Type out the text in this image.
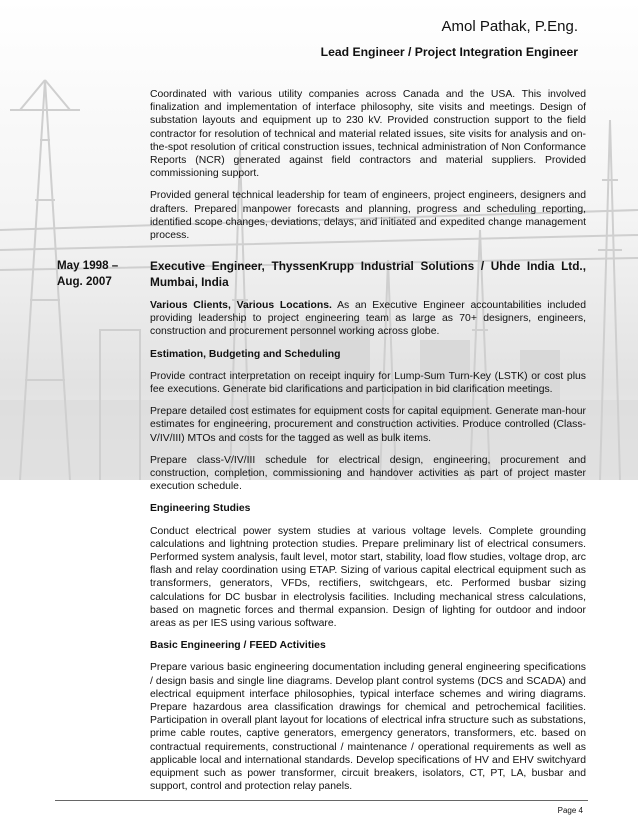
Amol Pathak, P.Eng.
Lead Engineer / Project Integration Engineer

Coordinated with various utility companies across Canada and the USA. This involved finalization and implementation of interface philosophy, site visits and meetings. Design of substation layouts and equipment up to 230 kV. Provided construction support to the field contractor for resolution of technical and material related issues, site visits for analysis and on-the-spot resolution of critical construction issues, technical administration of Non Conformance Reports (NCR) generated against field contractors and material suppliers. Provided commissioning support.

Provided general technical leadership for team of engineers, project engineers, designers and drafters. Prepared manpower forecasts and planning, progress and scheduling reporting, identified scope changes, deviations, delays, and initiated and expedited change management process.

May 1998 –
Aug. 2007
Executive Engineer, ThyssenKrupp Industrial Solutions / Uhde India Ltd., Mumbai, India

Various Clients, Various Locations. As an Executive Engineer accountabilities included providing leadership to project engineering team as large as 70+ designers, engineers, construction and procurement personnel working across globe.

Estimation, Budgeting and Scheduling

Provide contract interpretation on receipt inquiry for Lump-Sum Turn-Key (LSTK) or cost plus fee executions. Generate bid clarifications and participation in bid clarification meetings.

Prepare detailed cost estimates for equipment costs for capital equipment. Generate man-hour estimates for engineering, procurement and construction activities. Produce controlled (Class-V/IV/III) MTOs and costs for the tagged as well as bulk items.

Prepare class-V/IV/III schedule for electrical design, engineering, procurement and construction, completion, commissioning and handover activities as part of project master execution schedule.

Engineering Studies

Conduct electrical power system studies at various voltage levels. Complete grounding calculations and lightning protection studies. Prepare preliminary list of electrical consumers. Performed system analysis, fault level, motor start, stability, load flow studies, voltage drop, arc flash and relay coordination using ETAP. Sizing of various capital electrical equipment such as transformers, generators, VFDs, rectifiers, switchgears, etc. Performed busbar sizing calculations for DC busbar in electrolysis facilities. Including mechanical stress calculations, based on magnetic forces and thermal expansion. Design of lighting for outdoor and indoor areas as per IES using various software.

Basic Engineering / FEED Activities

Prepare various basic engineering documentation including general engineering specifications / design basis and single line diagrams. Develop plant control systems (DCS and SCADA) and electrical equipment interface philosophies, typical interface schemes and wiring diagrams. Prepare hazardous area classification drawings for chemical and petrochemical facilities. Participation in overall plant layout for locations of electrical infra structure such as substations, prime cable routes, captive generators, emergency generators, transformers, etc. based on contractual requirements, constructional / maintenance / operational requirements as well as applicable local and international standards. Develop specifications of HV and EHV switchyard equipment such as power transformer, circuit breakers, isolators, CT, PT, LA, busbar and support, control and protection relay panels.

Page 4
